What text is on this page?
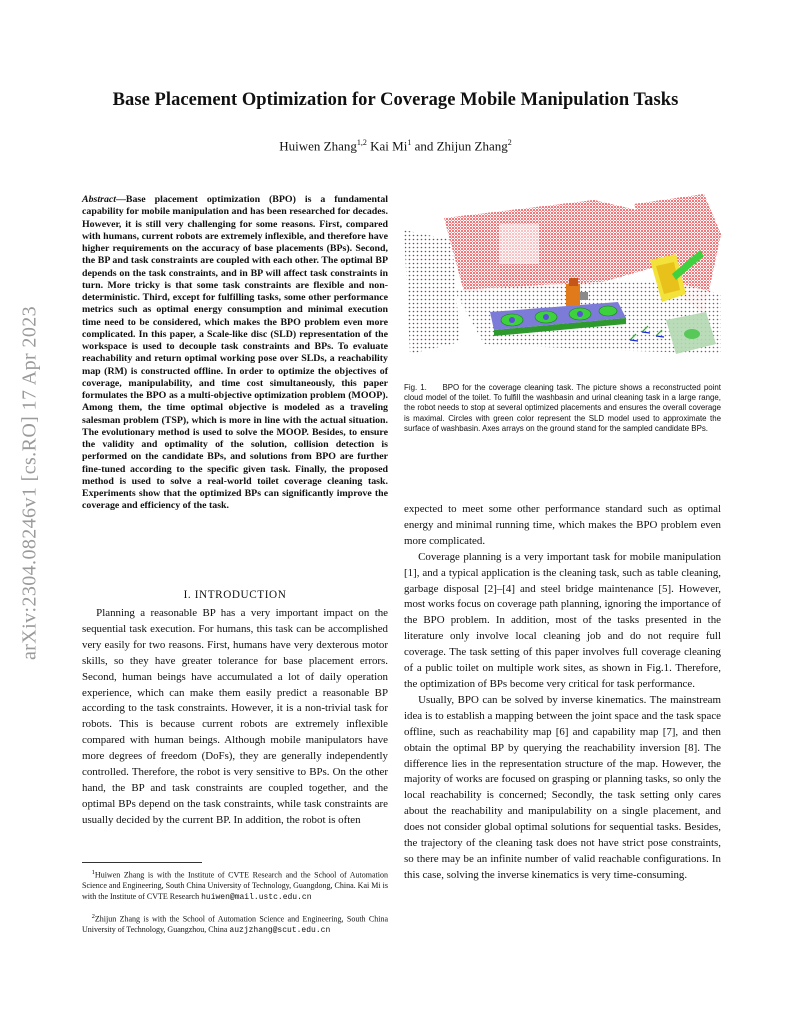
Base Placement Optimization for Coverage Mobile Manipulation Tasks
Huiwen Zhang$^{1,2}$ Kai Mi$^1$ and Zhijun Zhang$^2$
arXiv:2304.08246v1 [cs.RO] 17 Apr 2023
Abstract—Base placement optimization (BPO) is a fundamental capability for mobile manipulation and has been researched for decades. However, it is still very challenging for some reasons. First, compared with humans, current robots are extremely inflexible, and therefore have higher requirements on the accuracy of base placements (BPs). Second, the BP and task constraints are coupled with each other. The optimal BP depends on the task constraints, and in BP will affect task constraints in turn. More tricky is that some task constraints are flexible and non-deterministic. Third, except for fulfilling tasks, some other performance metrics such as optimal energy consumption and minimal execution time need to be considered, which makes the BPO problem even more complicated. In this paper, a Scale-like disc (SLD) representation of the workspace is used to decouple task constraints and BPs. To evaluate reachability and return optimal working pose over SLDs, a reachability map (RM) is constructed offline. In order to optimize the objectives of coverage, manipulability, and time cost simultaneously, this paper formulates the BPO as a multi-objective optimization problem (MOOP). Among them, the time optimal objective is modeled as a traveling salesman problem (TSP), which is more in line with the actual situation. The evolutionary method is used to solve the MOOP. Besides, to ensure the validity and optimality of the solution, collision detection is performed on the candidate BPs, and solutions from BPO are further fine-tuned according to the specific given task. Finally, the proposed method is used to solve a real-world toilet coverage cleaning task. Experiments show that the optimized BPs can significantly improve the coverage and efficiency of the task.
I. INTRODUCTION

Planning a reasonable BP has a very important impact on the sequential task execution. For humans, this task can be accomplished very easily for two reasons. First, humans have very dexterous motor skills, so they have greater tolerance for base placement errors. Second, human beings have accumulated a lot of daily operation experience, which can make them easily predict a reasonable BP according to the task constraints. However, it is a non-trivial task for robots. This is because current robots are extremely inflexible compared with human beings. Although mobile manipulators have more degrees of freedom (DoFs), they are generally independently controlled. Therefore, the robot is very sensitive to BPs. On the other hand, the BP and task constraints are coupled together, and the optimal BPs depend on the task constraints, while task constraints are usually decided by the current BP. In addition, the robot is often

$^1$Huiwen Zhang is with the Institute of CVTE Research and the School of Automation Science and Engineering, South China University of Technology, Guangdong, China. Kai Mi is with the Institute of CVTE Research huiwen@mail.ustc.edu.cn

$^2$Zhijun Zhang is with the School of Automation Science and Engineering, South China University of Technology, Guangzhou, China auzjzhang@scut.edu.cn

Fig. 1. BPO for the coverage cleaning task. The picture shows a reconstructed point cloud model of the toilet. To fulfill the washbasin and urinal cleaning task in a large range, the robot needs to stop at several optimized placements and ensures the overall coverage is maximal. Circles with green color represent the SLD model used to approximate the surface of washbasin. Axes arrays on the ground stand for the sampled candidate BPs.

expected to meet some other performance standard such as optimal energy and minimal running time, which makes the BPO problem even more complicated.

Coverage planning is a very important task for mobile manipulation [1], and a typical application is the cleaning task, such as table cleaning, garbage disposal [2]–[4] and steel bridge maintenance [5]. However, most works focus on coverage path planning, ignoring the importance of the BPO problem. In addition, most of the tasks presented in the literature only involve local cleaning job and do not require full coverage. The task setting of this paper involves full coverage cleaning of a public toilet on multiple work sites, as shown in Fig.1. Therefore, the optimization of BPs become very critical for task performance.

Usually, BPO can be solved by inverse kinematics. The mainstream idea is to establish a mapping between the joint space and the task space offline, such as reachability map [6] and capability map [7], and then obtain the optimal BP by querying the reachability inversion [8]. The difference lies in the representation structure of the map. However, the majority of works are focused on grasping or planning tasks, so only the local reachability is concerned; Secondly, the task setting only cares about the reachability and manipulability on a single placement, and does not consider global optimal solutions for sequential tasks. Besides, the trajectory of the cleaning task does not have strict pose constraints, so there may be an infinite number of valid reachable configurations. In this case, solving the inverse kinematics is very time-consuming.
